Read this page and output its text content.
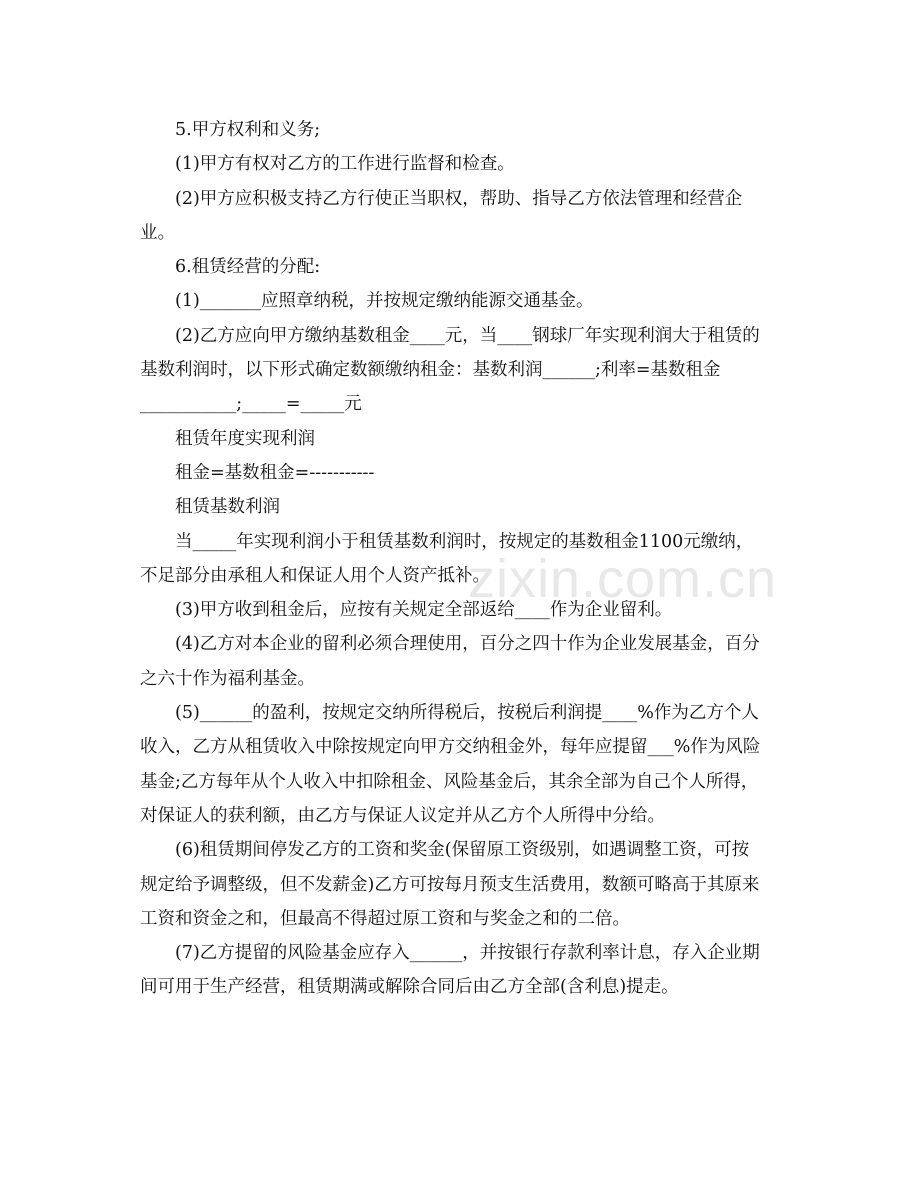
zixin.com.cn
5.甲方权利和义务;
(1)甲方有权对乙方的工作进行监督和检查。
(2)甲方应积极支持乙方行使正当职权，帮助、指导乙方依法管理和经营企
业。
6.租赁经营的分配:
(1)_______应照章纳税，并按规定缴纳能源交通基金。
(2)乙方应向甲方缴纳基数租金____元，当____钢球厂年实现利润大于租赁的
基数利润时，以下形式确定数额缴纳租金：基数利润______;利率=基数租金
___________;_____=_____元
租赁年度实现利润
租金=基数租金=-----------
租赁基数利润
当_____年实现利润小于租赁基数利润时，按规定的基数租金1100元缴纳，
不足部分由承租人和保证人用个人资产抵补。
(3)甲方收到租金后，应按有关规定全部返给____作为企业留利。
(4)乙方对本企业的留利必须合理使用，百分之四十作为企业发展基金，百分
之六十作为福利基金。
(5)______的盈利，按规定交纳所得税后，按税后利润提____%作为乙方个人
收入，乙方从租赁收入中除按规定向甲方交纳租金外，每年应提留___%作为风险
基金;乙方每年从个人收入中扣除租金、风险基金后，其余全部为自己个人所得，
对保证人的获利额，由乙方与保证人议定并从乙方个人所得中分给。
(6)租赁期间停发乙方的工资和奖金(保留原工资级别，如遇调整工资，可按
规定给予调整级，但不发薪金)乙方可按每月预支生活费用，数额可略高于其原来
工资和资金之和，但最高不得超过原工资和与奖金之和的二倍。
(7)乙方提留的风险基金应存入______，并按银行存款利率计息，存入企业期
间可用于生产经营，租赁期满或解除合同后由乙方全部(含利息)提走。
